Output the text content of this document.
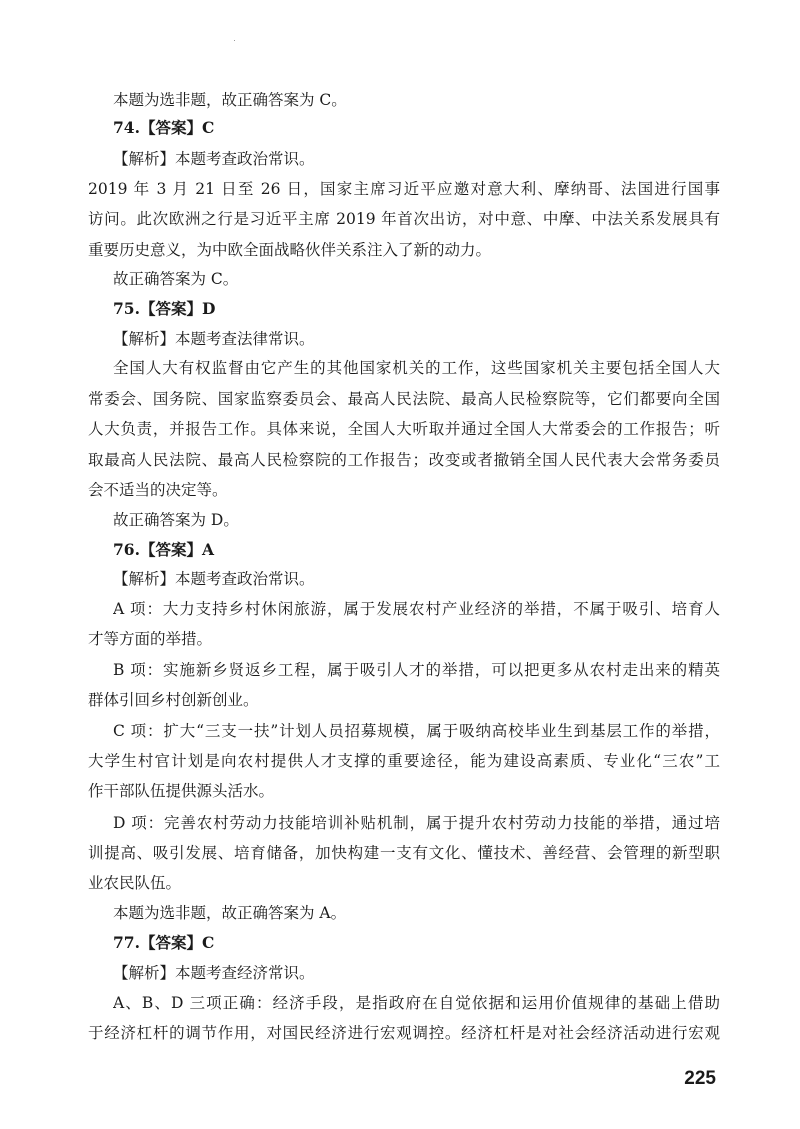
本题为选非题，故正确答案为 C。
74.【答案】C
【解析】本题考查政治常识。
2019 年 3 月 21 日至 26 日，国家主席习近平应邀对意大利、摩纳哥、法国进行国事
访问。此次欧洲之行是习近平主席 2019 年首次出访，对中意、中摩、中法关系发展具有
重要历史意义，为中欧全面战略伙伴关系注入了新的动力。
故正确答案为 C。
75.【答案】D
【解析】本题考查法律常识。
全国人大有权监督由它产生的其他国家机关的工作，这些国家机关主要包括全国人大
常委会、国务院、国家监察委员会、最高人民法院、最高人民检察院等，它们都要向全国
人大负责，并报告工作。具体来说，全国人大听取并通过全国人大常委会的工作报告；听
取最高人民法院、最高人民检察院的工作报告；改变或者撤销全国人民代表大会常务委员
会不适当的决定等。
故正确答案为 D。
76.【答案】A
【解析】本题考查政治常识。
A 项：大力支持乡村休闲旅游，属于发展农村产业经济的举措，不属于吸引、培育人
才等方面的举措。
B 项：实施新乡贤返乡工程，属于吸引人才的举措，可以把更多从农村走出来的精英
群体引回乡村创新创业。
C 项：扩大“三支一扶”计划人员招募规模，属于吸纳高校毕业生到基层工作的举措，
大学生村官计划是向农村提供人才支撑的重要途径，能为建设高素质、专业化“三农”工
作干部队伍提供源头活水。
D 项：完善农村劳动力技能培训补贴机制，属于提升农村劳动力技能的举措，通过培
训提高、吸引发展、培育储备，加快构建一支有文化、懂技术、善经营、会管理的新型职
业农民队伍。
本题为选非题，故正确答案为 A。
77.【答案】C
【解析】本题考查经济常识。
A、B、D 三项正确：经济手段，是指政府在自觉依据和运用价值规律的基础上借助
于经济杠杆的调节作用，对国民经济进行宏观调控。经济杠杆是对社会经济活动进行宏观
225
